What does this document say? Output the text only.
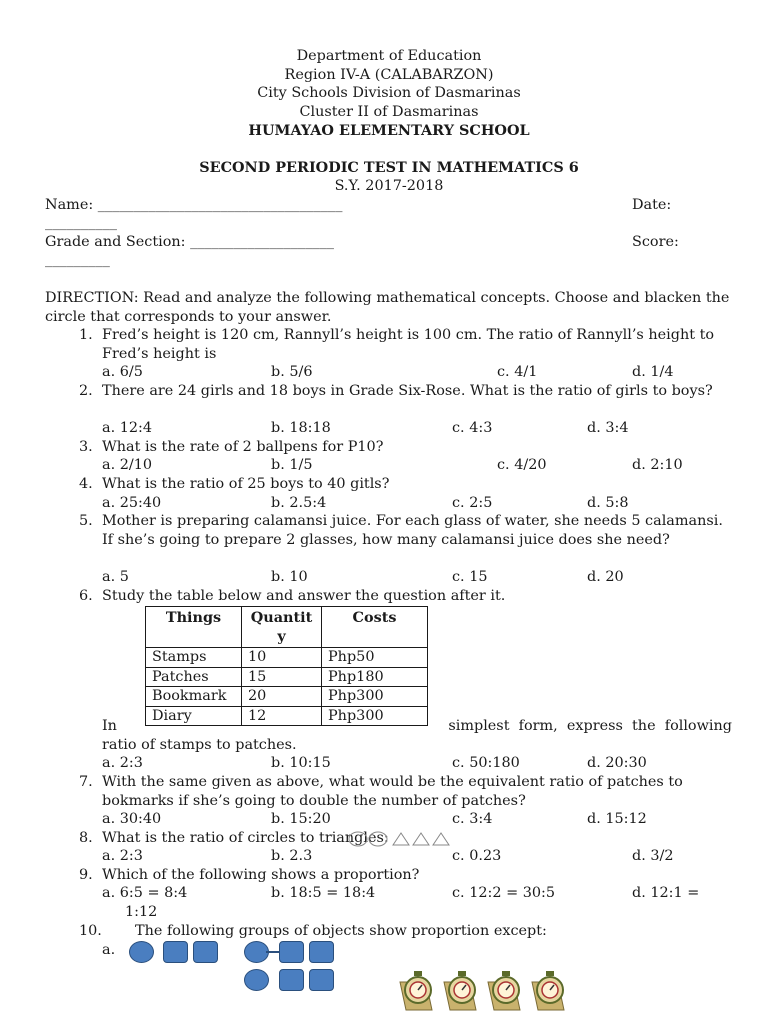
Department of Education
Region IV-A (CALABARZON)
City Schools Division of Dasmarinas
Cluster II of Dasmarinas
HUMAYAO ELEMENTARY SCHOOL
SECOND PERIODIC TEST IN MATHEMATICS 6
S.Y. 2017-2018
Name: __________________________________	Date:
__________
Grade and Section: ____________________	Score:
_________
DIRECTION: Read and analyze the following mathematical concepts. Choose and blacken the circle that corresponds to your answer.
1. Fred’s height is 120 cm, Rannyll’s height is 100 cm. The ratio of Rannyll’s height to Fred’s height is
a. 6/5	b. 5/6	c. 4/1	d. 1/4
2. There are 24 girls and 18 boys in Grade Six-Rose. What is the ratio of girls to boys?
a. 12:4	b. 18:18	c. 4:3	d. 3:4
3. What is the rate of 2 ballpens for P10?
a. 2/10	b. 1/5	c. 4/20	d. 2:10
4. What is the ratio of 25 boys to 40 gitls?
a. 25:40	b. 2.5:4	c. 2:5	d. 5:8
5. Mother is preparing calamansi juice. For each glass of water, she needs 5 calamansi. If she’s going to prepare 2 glasses, how many calamansi juice does she need?
a. 5	b. 10	c. 15	d. 20
6. Study the table below and answer the question after it.
Things	Quantit y	Costs
Stamps	10	Php50
Patches	15	Php180
Bookmark	20	Php300
Diary	12	Php300
In	simplest  form,  express  the  following
ratio of stamps to patches.
a. 2:3	b. 10:15	c. 50:180	d. 20:30
7. With the same given as above, what would be the equivalent ratio of patches to bokmarks if she’s going to double the number of patches?
a. 30:40	b. 15:20	c. 3:4	d. 15:12
8. What is the ratio of circles to triangles:
a. 2:3	b. 2.3	c. 0.23	d. 3/2
9. Which of the following shows a proportion?
a. 6:5 = 8:4	b. 18:5 = 18:4	c. 12:2 = 30:5	d. 12:1 =
1:12
10. The following groups of objects show proportion except:
a.
